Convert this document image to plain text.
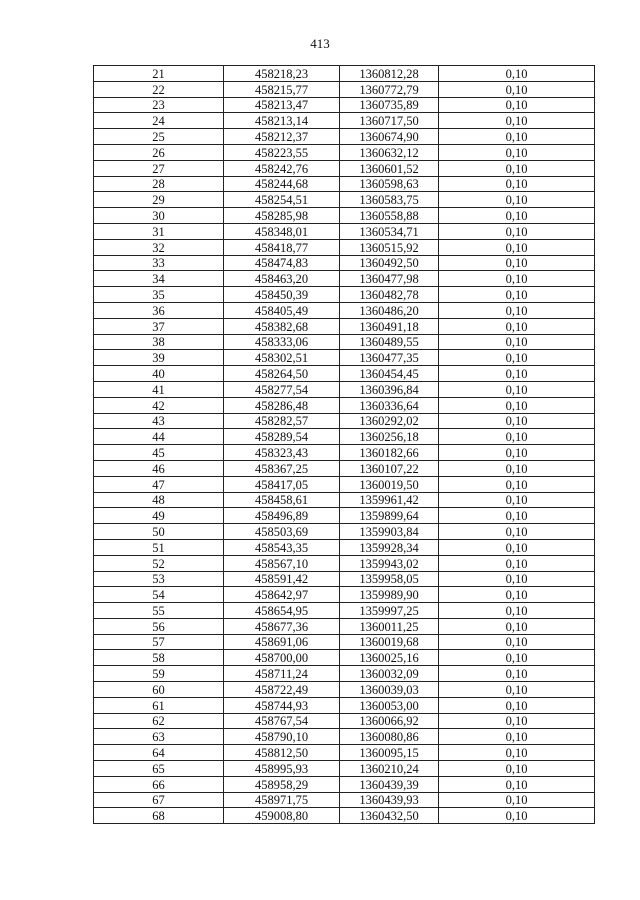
413
21	458218,23	1360812,28	0,10
22	458215,77	1360772,79	0,10
23	458213,47	1360735,89	0,10
24	458213,14	1360717,50	0,10
25	458212,37	1360674,90	0,10
26	458223,55	1360632,12	0,10
27	458242,76	1360601,52	0,10
28	458244,68	1360598,63	0,10
29	458254,51	1360583,75	0,10
30	458285,98	1360558,88	0,10
31	458348,01	1360534,71	0,10
32	458418,77	1360515,92	0,10
33	458474,83	1360492,50	0,10
34	458463,20	1360477,98	0,10
35	458450,39	1360482,78	0,10
36	458405,49	1360486,20	0,10
37	458382,68	1360491,18	0,10
38	458333,06	1360489,55	0,10
39	458302,51	1360477,35	0,10
40	458264,50	1360454,45	0,10
41	458277,54	1360396,84	0,10
42	458286,48	1360336,64	0,10
43	458282,57	1360292,02	0,10
44	458289,54	1360256,18	0,10
45	458323,43	1360182,66	0,10
46	458367,25	1360107,22	0,10
47	458417,05	1360019,50	0,10
48	458458,61	1359961,42	0,10
49	458496,89	1359899,64	0,10
50	458503,69	1359903,84	0,10
51	458543,35	1359928,34	0,10
52	458567,10	1359943,02	0,10
53	458591,42	1359958,05	0,10
54	458642,97	1359989,90	0,10
55	458654,95	1359997,25	0,10
56	458677,36	1360011,25	0,10
57	458691,06	1360019,68	0,10
58	458700,00	1360025,16	0,10
59	458711,24	1360032,09	0,10
60	458722,49	1360039,03	0,10
61	458744,93	1360053,00	0,10
62	458767,54	1360066,92	0,10
63	458790,10	1360080,86	0,10
64	458812,50	1360095,15	0,10
65	458995,93	1360210,24	0,10
66	458958,29	1360439,39	0,10
67	458971,75	1360439,93	0,10
68	459008,80	1360432,50	0,10
